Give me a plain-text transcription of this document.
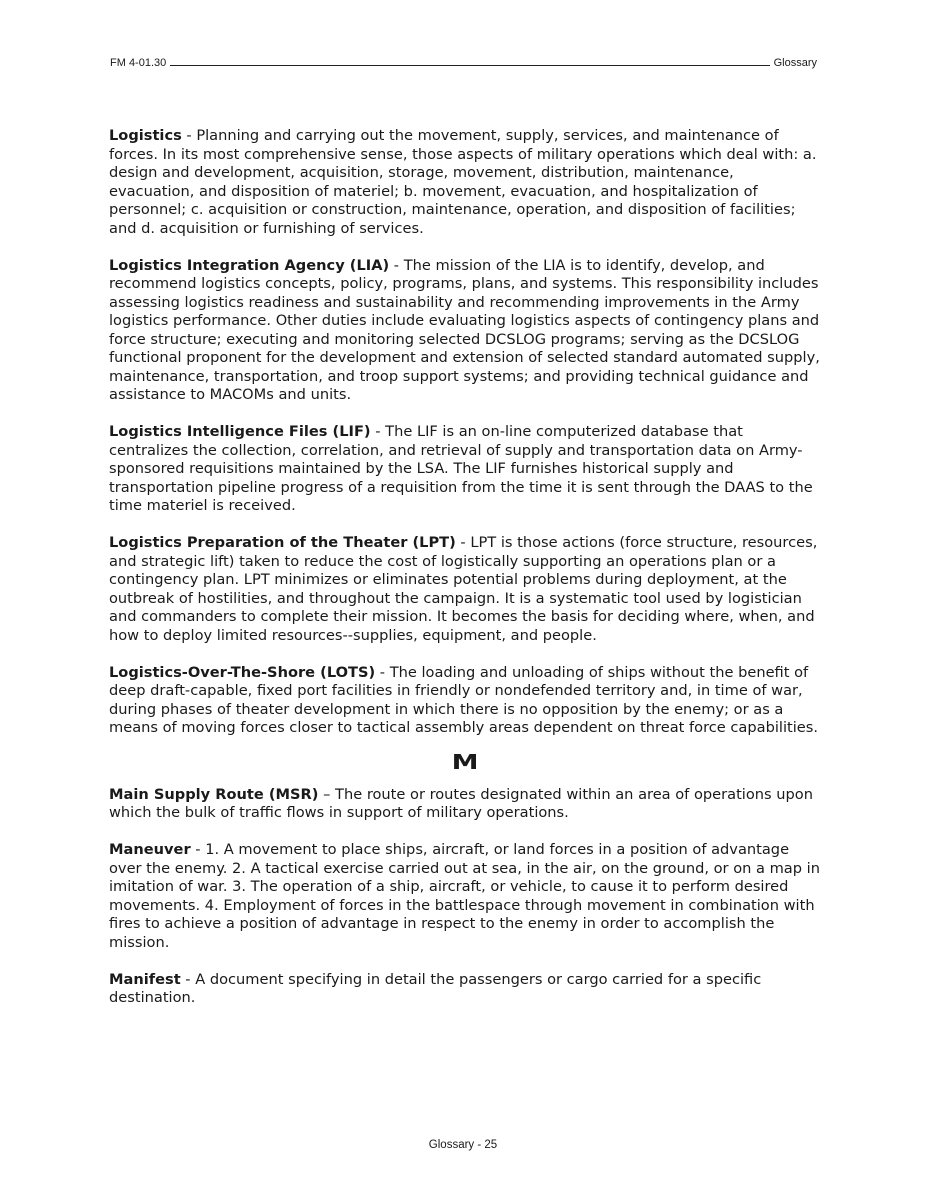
FM 4-01.30	Glossary

Logistics - Planning and carrying out the movement, supply, services, and maintenance of forces. In its most comprehensive sense, those aspects of military operations which deal with: a. design and development, acquisition, storage, movement, distribution, maintenance, evacuation, and disposition of materiel; b. movement, evacuation, and hospitalization of personnel; c. acquisition or construction, maintenance, operation, and disposition of facilities; and d. acquisition or furnishing of services.

Logistics Integration Agency (LIA) - The mission of the LIA is to identify, develop, and recommend logistics concepts, policy, programs, plans, and systems. This responsibility includes assessing logistics readiness and sustainability and recommending improvements in the Army logistics performance. Other duties include evaluating logistics aspects of contingency plans and force structure; executing and monitoring selected DCSLOG programs; serving as the DCSLOG functional proponent for the development and extension of selected standard automated supply, maintenance, transportation, and troop support systems; and providing technical guidance and assistance to MACOMs and units.

Logistics Intelligence Files (LIF) - The LIF is an on-line computerized database that centralizes the collection, correlation, and retrieval of supply and transportation data on Army-sponsored requisitions maintained by the LSA. The LIF furnishes historical supply and transportation pipeline progress of a requisition from the time it is sent through the DAAS to the time materiel is received.

Logistics Preparation of the Theater (LPT) - LPT is those actions (force structure, resources, and strategic lift) taken to reduce the cost of logistically supporting an operations plan or a contingency plan. LPT minimizes or eliminates potential problems during deployment, at the outbreak of hostilities, and throughout the campaign. It is a systematic tool used by logistician and commanders to complete their mission. It becomes the basis for deciding where, when, and how to deploy limited resources--supplies, equipment, and people.

Logistics-Over-The-Shore (LOTS) - The loading and unloading of ships without the benefit of deep draft-capable, fixed port facilities in friendly or nondefended territory and, in time of war, during phases of theater development in which there is no opposition by the enemy; or as a means of moving forces closer to tactical assembly areas dependent on threat force capabilities.

M

Main Supply Route (MSR) – The route or routes designated within an area of operations upon which the bulk of traffic flows in support of military operations.

Maneuver - 1. A movement to place ships, aircraft, or land forces in a position of advantage over the enemy. 2. A tactical exercise carried out at sea, in the air, on the ground, or on a map in imitation of war. 3. The operation of a ship, aircraft, or vehicle, to cause it to perform desired movements. 4. Employment of forces in the battlespace through movement in combination with fires to achieve a position of advantage in respect to the enemy in order to accomplish the mission.

Manifest - A document specifying in detail the passengers or cargo carried for a specific destination.

Glossary - 25
